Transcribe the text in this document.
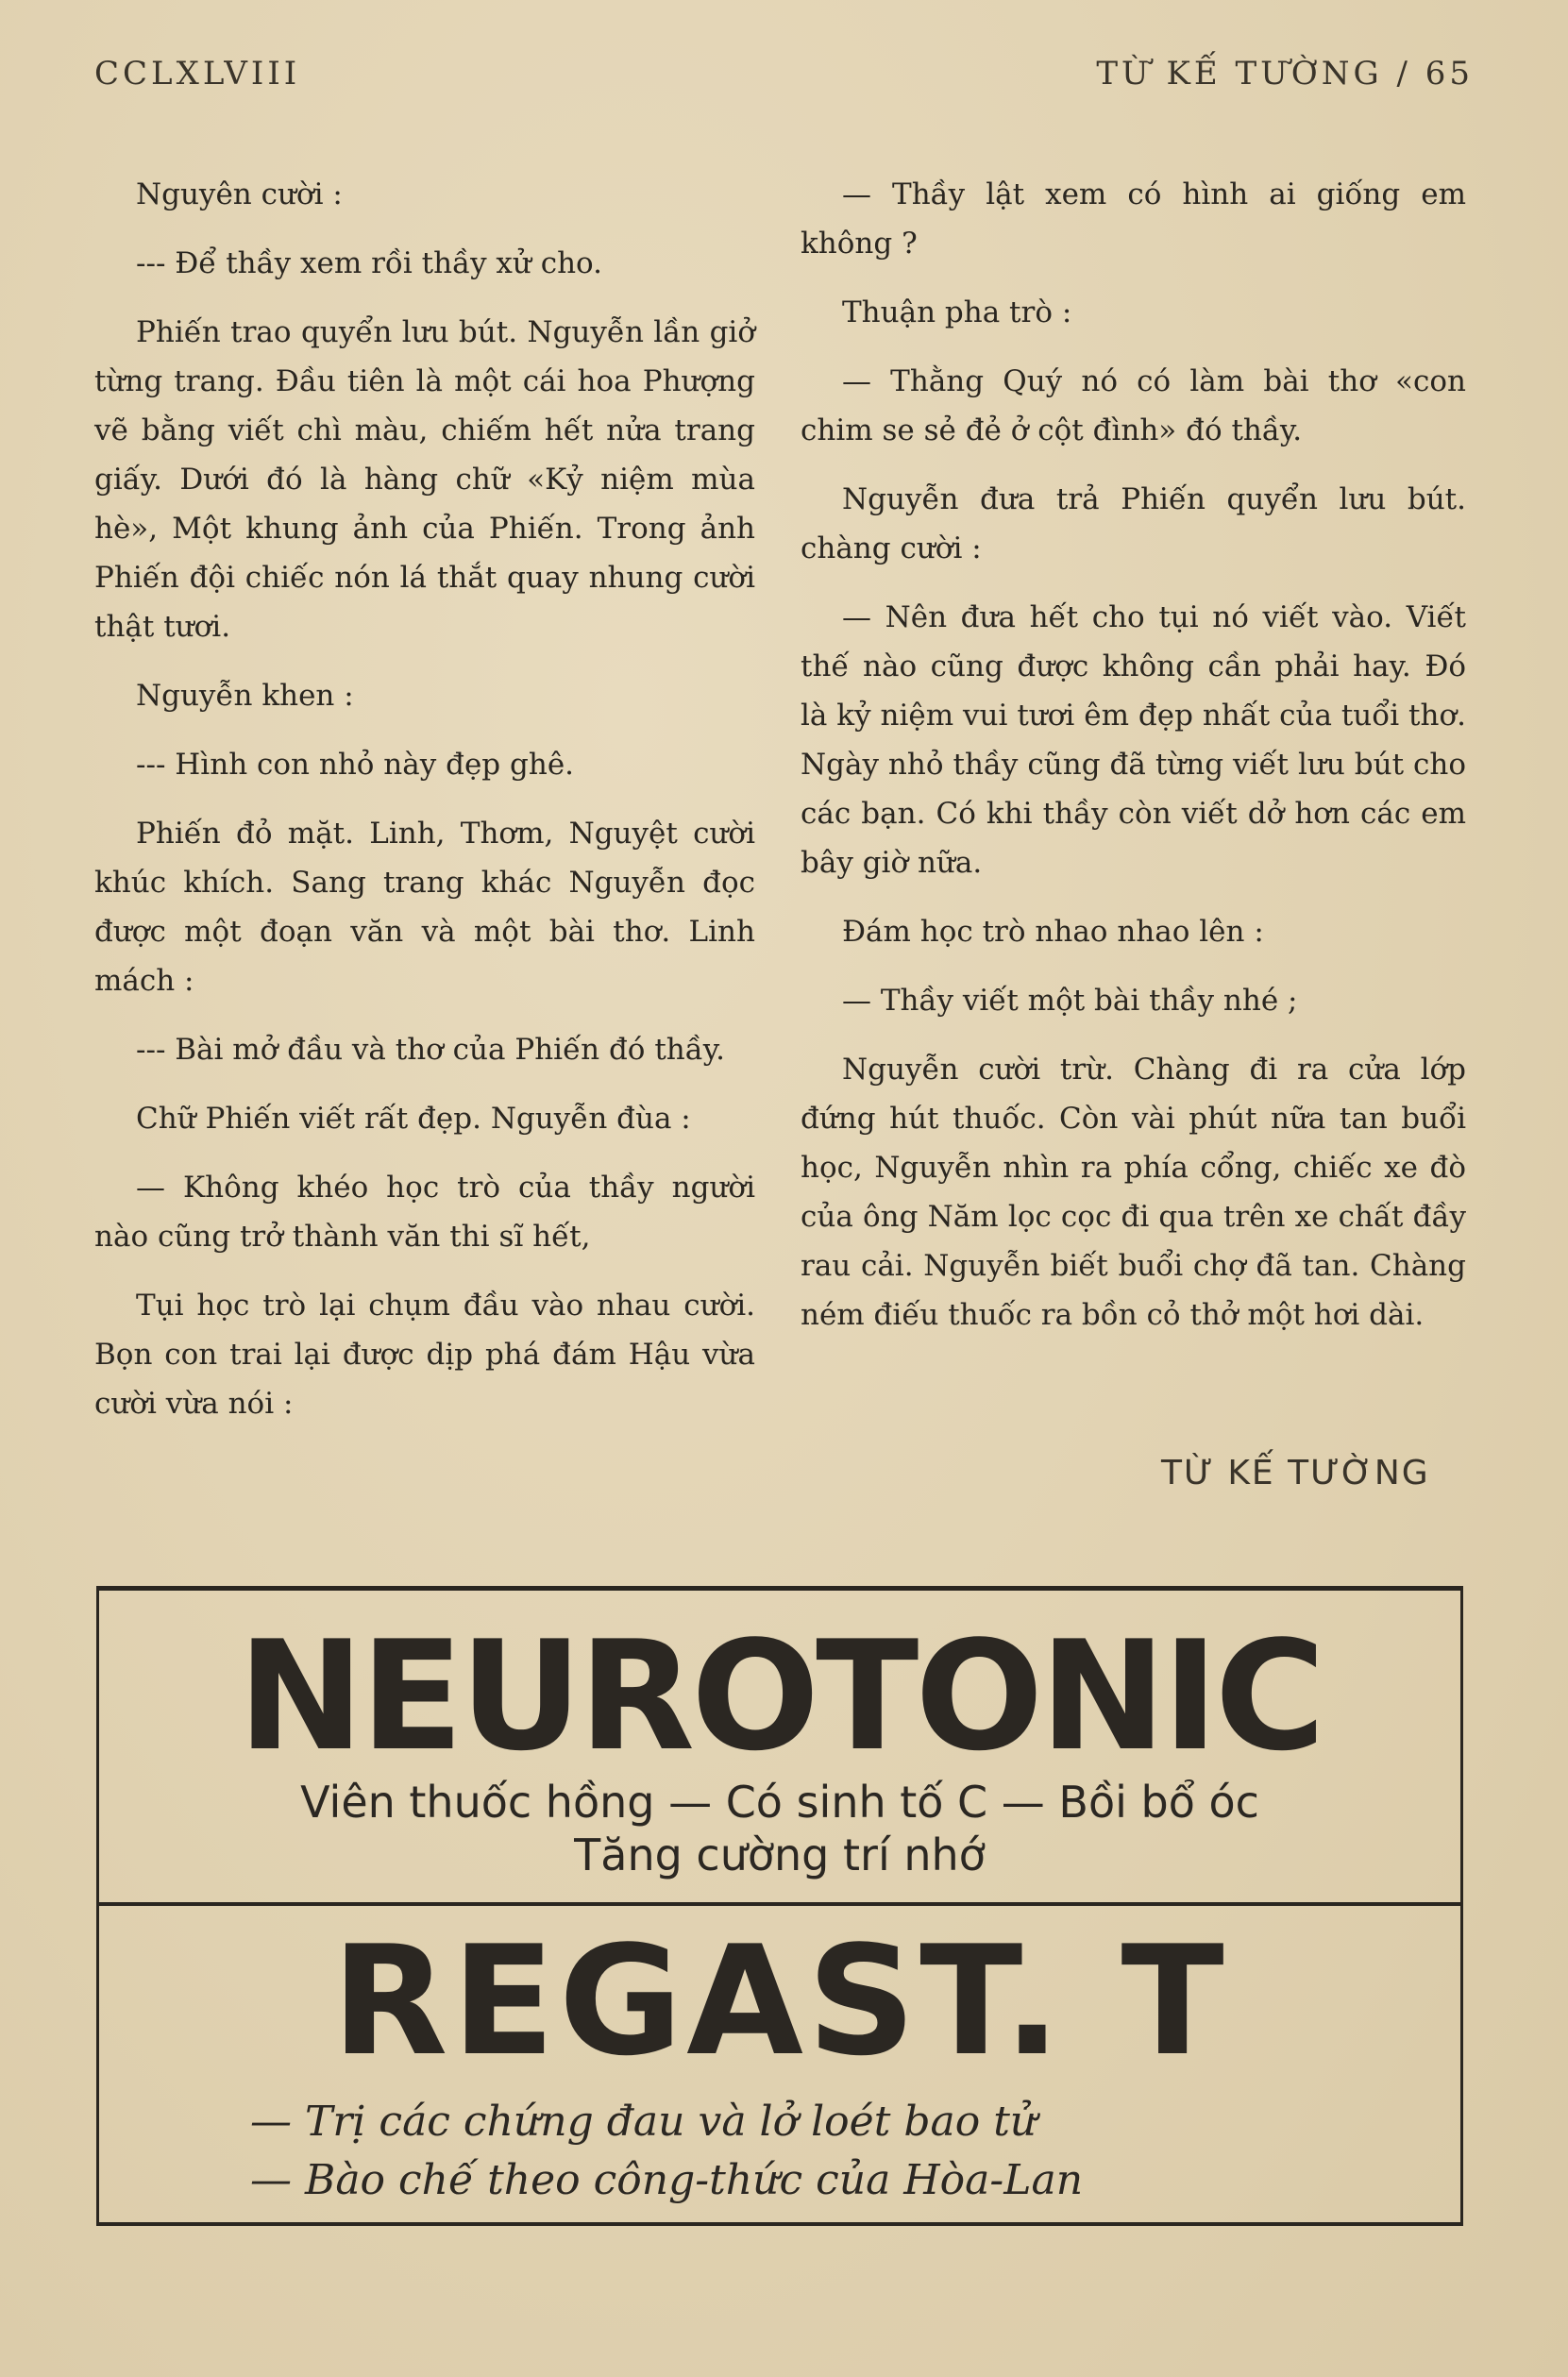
CCLXLVIII	TỪ KẾ TƯỜNG / 65

Nguyên cười :

--- Để thầy xem rồi thầy xử cho.

Phiến trao quyển lưu bút. Nguyễn lần giở từng trang. Đầu tiên là một cái hoa Phượng vẽ bằng viết chì màu, chiếm hết nửa trang giấy. Dưới đó là hàng chữ «Kỷ niệm mùa hè», Một khung ảnh của Phiến. Trong ảnh Phiến đội chiếc nón lá thắt quay nhung cười thật tươi.

Nguyễn khen :

--- Hình con nhỏ này đẹp ghê.

Phiến đỏ mặt. Linh, Thơm, Nguyệt cười khúc khích. Sang trang khác Nguyễn đọc được một đoạn văn và một bài thơ. Linh mách :

--- Bài mở đầu và thơ của Phiến đó thầy.

Chữ Phiến viết rất đẹp. Nguyễn đùa :

— Không khéo học trò của thầy người nào cũng trở thành văn thi sĩ hết,

Tụi học trò lại chụm đầu vào nhau cười. Bọn con trai lại được dịp phá đám Hậu vừa cười vừa nói :

— Thầy lật xem có hình ai giống em không ?

Thuận pha trò :

— Thằng Quý nó có làm bài thơ «con chim se sẻ đẻ ở cột đình» đó thầy.

Nguyễn đưa trả Phiến quyển lưu bút. chàng cười :

— Nên đưa hết cho tụi nó viết vào. Viết thế nào cũng được không cần phải hay. Đó là kỷ niệm vui tươi êm đẹp nhất của tuổi thơ. Ngày nhỏ thầy cũng đã từng viết lưu bút cho các bạn. Có khi thầy còn viết dở hơn các em bây giờ nữa.

Đám học trò nhao nhao lên :

— Thầy viết một bài thầy nhé ;

Nguyễn cười trừ. Chàng đi ra cửa lớp đứng hút thuốc. Còn vài phút nữa tan buổi học, Nguyễn nhìn ra phía cổng, chiếc xe đò của ông Năm lọc cọc đi qua trên xe chất đầy rau cải. Nguyễn biết buổi chợ đã tan. Chàng ném điếu thuốc ra bồn cỏ thở một hơi dài.

TỪ KẾ TƯỜNG
NEUROTONIC
Viên thuốc hồng — Có sinh tố C — Bồi bổ óc
Tăng cường trí nhớ
REGAST. T
— Trị các chứng đau và lở loét bao tử
— Bào chế theo công-thức của Hòa-Lan
